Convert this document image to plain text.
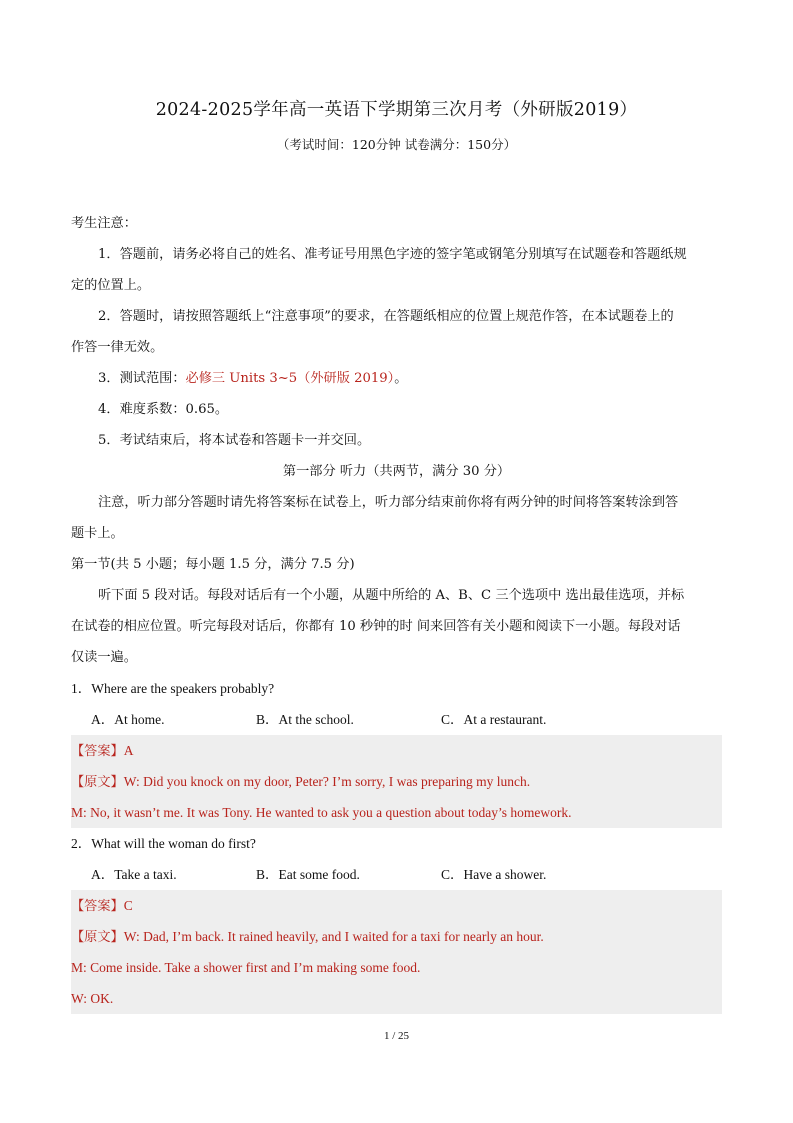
2024-2025学年高一英语下学期第三次月考（外研版2019）
（考试时间：120分钟 试卷满分：150分）
考生注意：
1．答题前，请务必将自己的姓名、准考证号用黑色字迹的签字笔或钢笔分别填写在试题卷和答题纸规
定的位置上。
2．答题时，请按照答题纸上“注意事项”的要求，在答题纸相应的位置上规范作答，在本试题卷上的
作答一律无效。
3．测试范围：必修三 Units 3~5（外研版 2019）。
4．难度系数：0.65。
5．考试结束后，将本试卷和答题卡一并交回。
第一部分 听力（共两节，满分 30 分）
注意，听力部分答题时请先将答案标在试卷上，听力部分结束前你将有两分钟的时间将答案转涂到答
题卡上。
第一节(共 5 小题；每小题 1.5 分，满分 7.5 分)
听下面 5 段对话。每段对话后有一个小题，从题中所给的 A、B、C 三个选项中 选出最佳选项，并标
在试卷的相应位置。听完每段对话后，你都有 10 秒钟的时 间来回答有关小题和阅读下一小题。每段对话
仅读一遍。
1．Where are the speakers probably?
A．At home.	B．At the school.	C．At a restaurant.
【答案】A
【原文】W: Did you knock on my door, Peter? I’m sorry, I was preparing my lunch.
M: No, it wasn’t me. It was Tony. He wanted to ask you a question about today’s homework.
2．What will the woman do first?
A．Take a taxi.	B．Eat some food.	C．Have a shower.
【答案】C
【原文】W: Dad, I’m back. It rained heavily, and I waited for a taxi for nearly an hour.
M: Come inside. Take a shower first and I’m making some food.
W: OK.
1 / 25
